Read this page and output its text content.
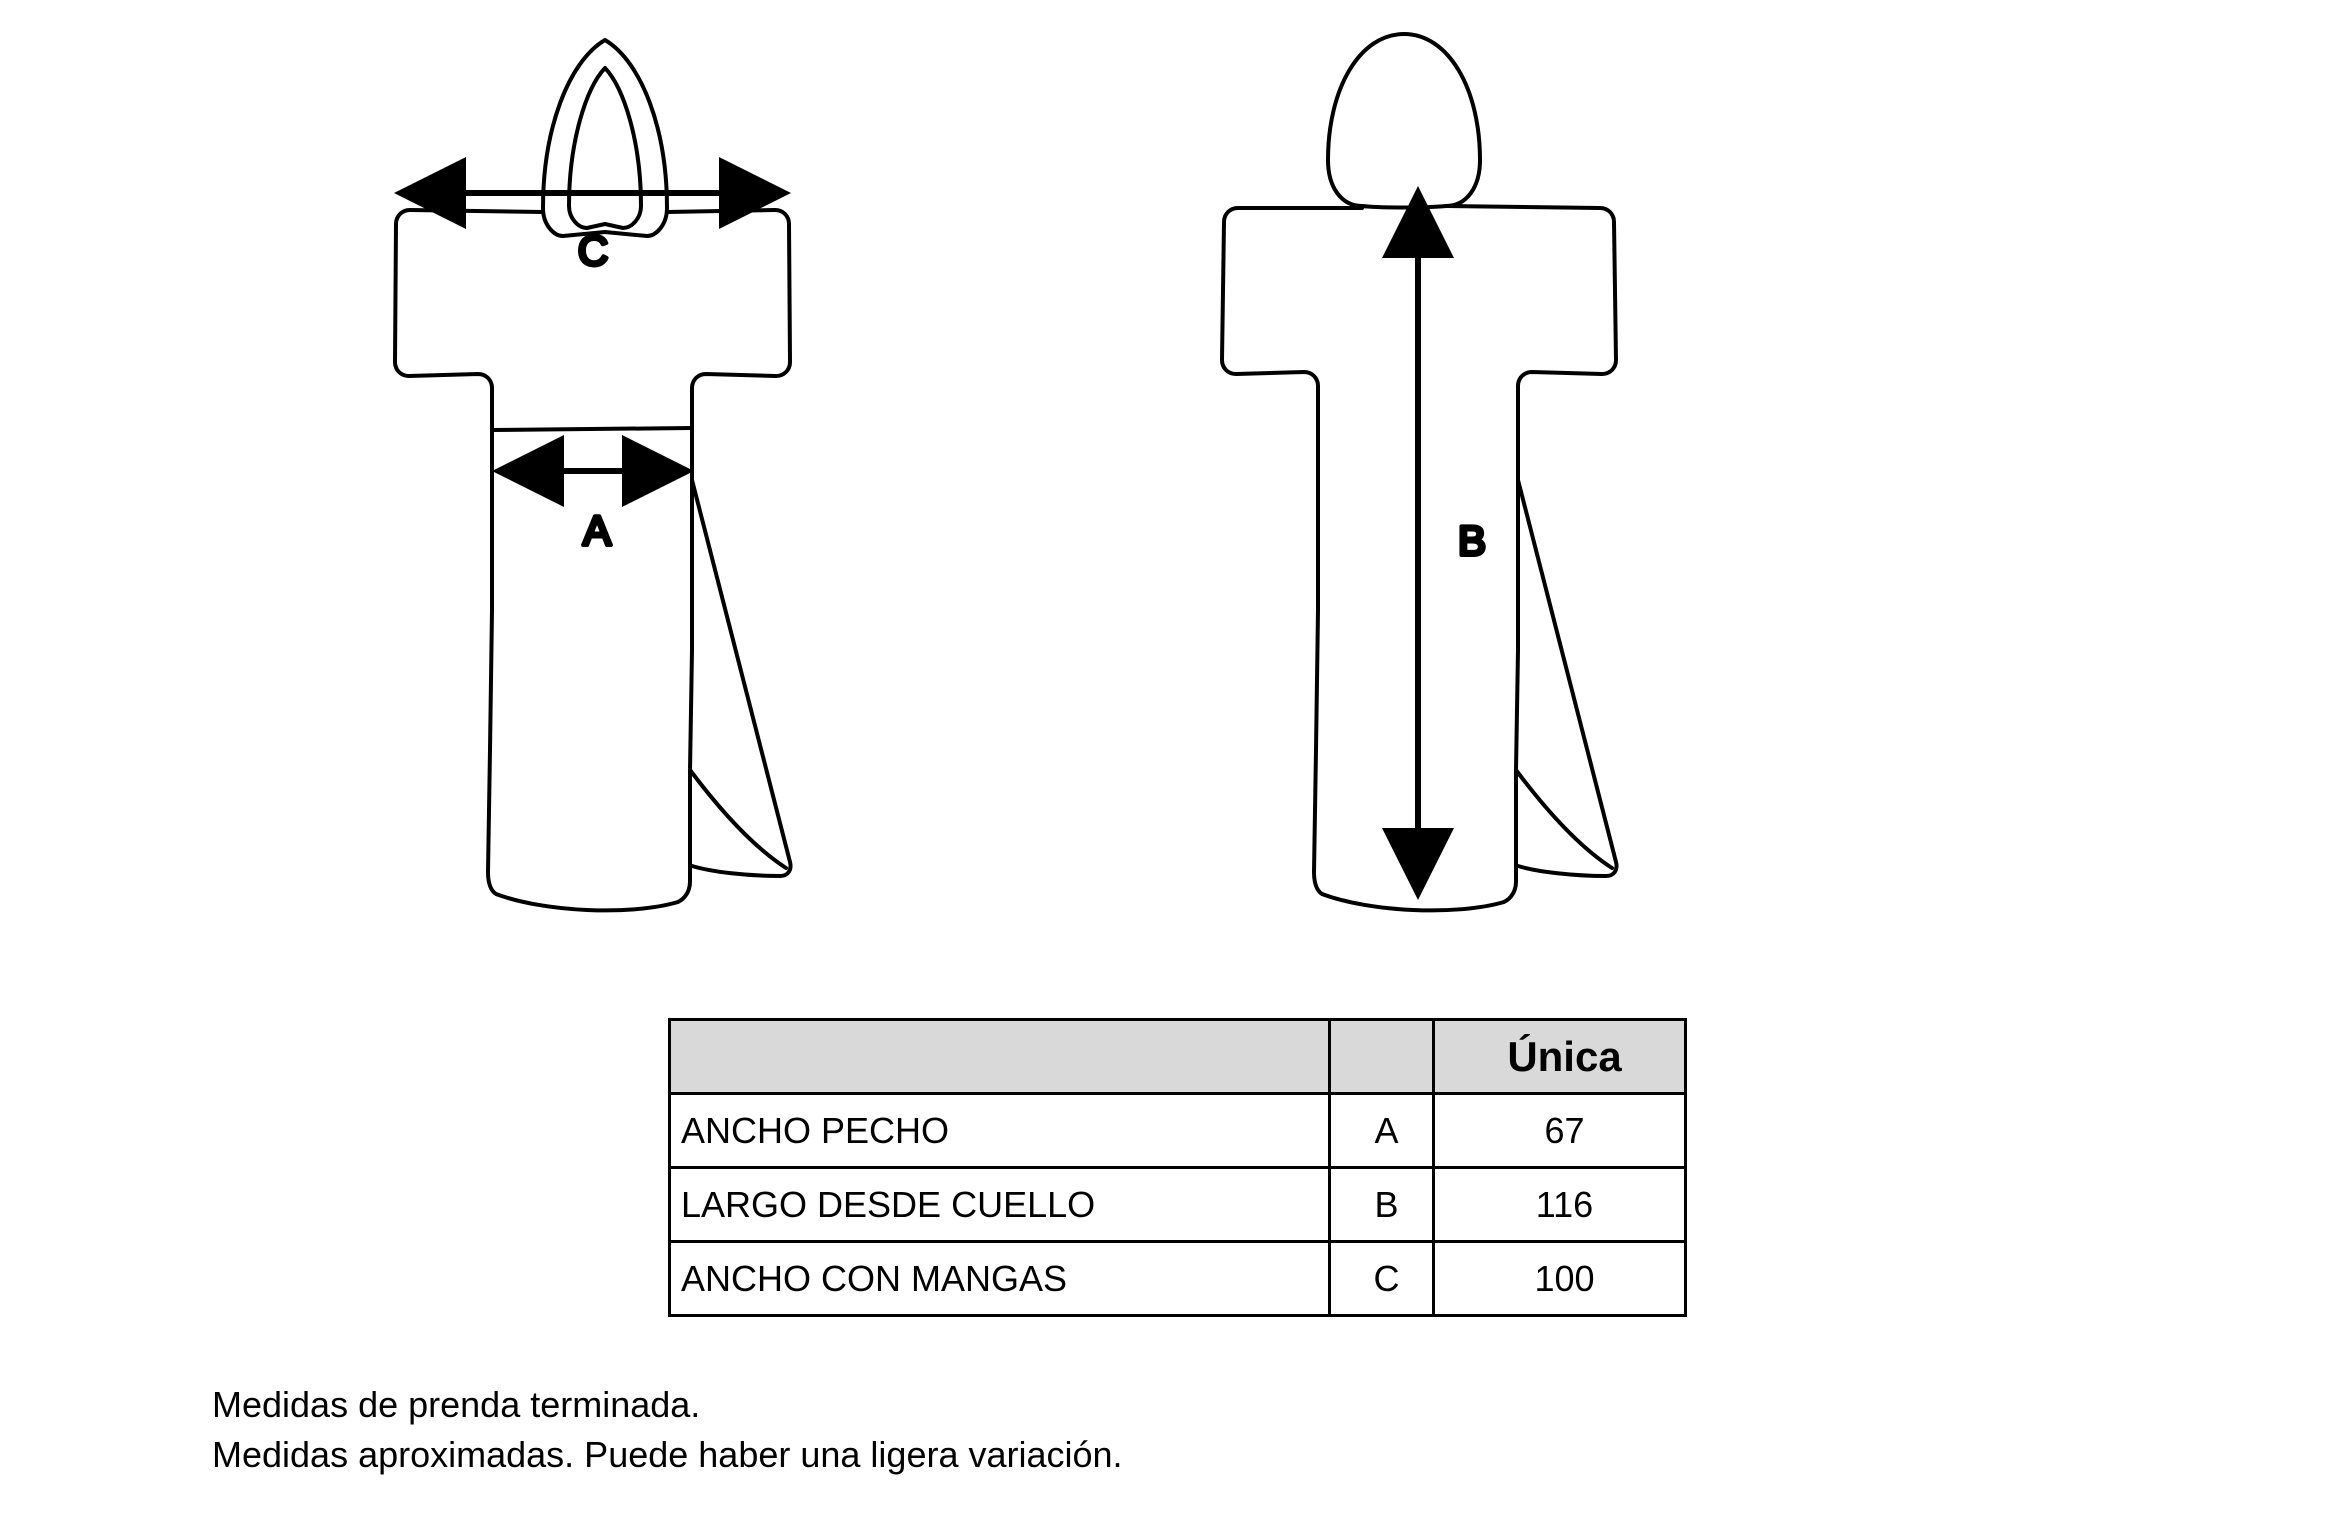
C
A	B
		Única
ANCHO PECHO	A	67
LARGO DESDE CUELLO	B	116
ANCHO CON MANGAS	C	100
Medidas de prenda terminada.
Medidas aproximadas. Puede haber una ligera variación.
